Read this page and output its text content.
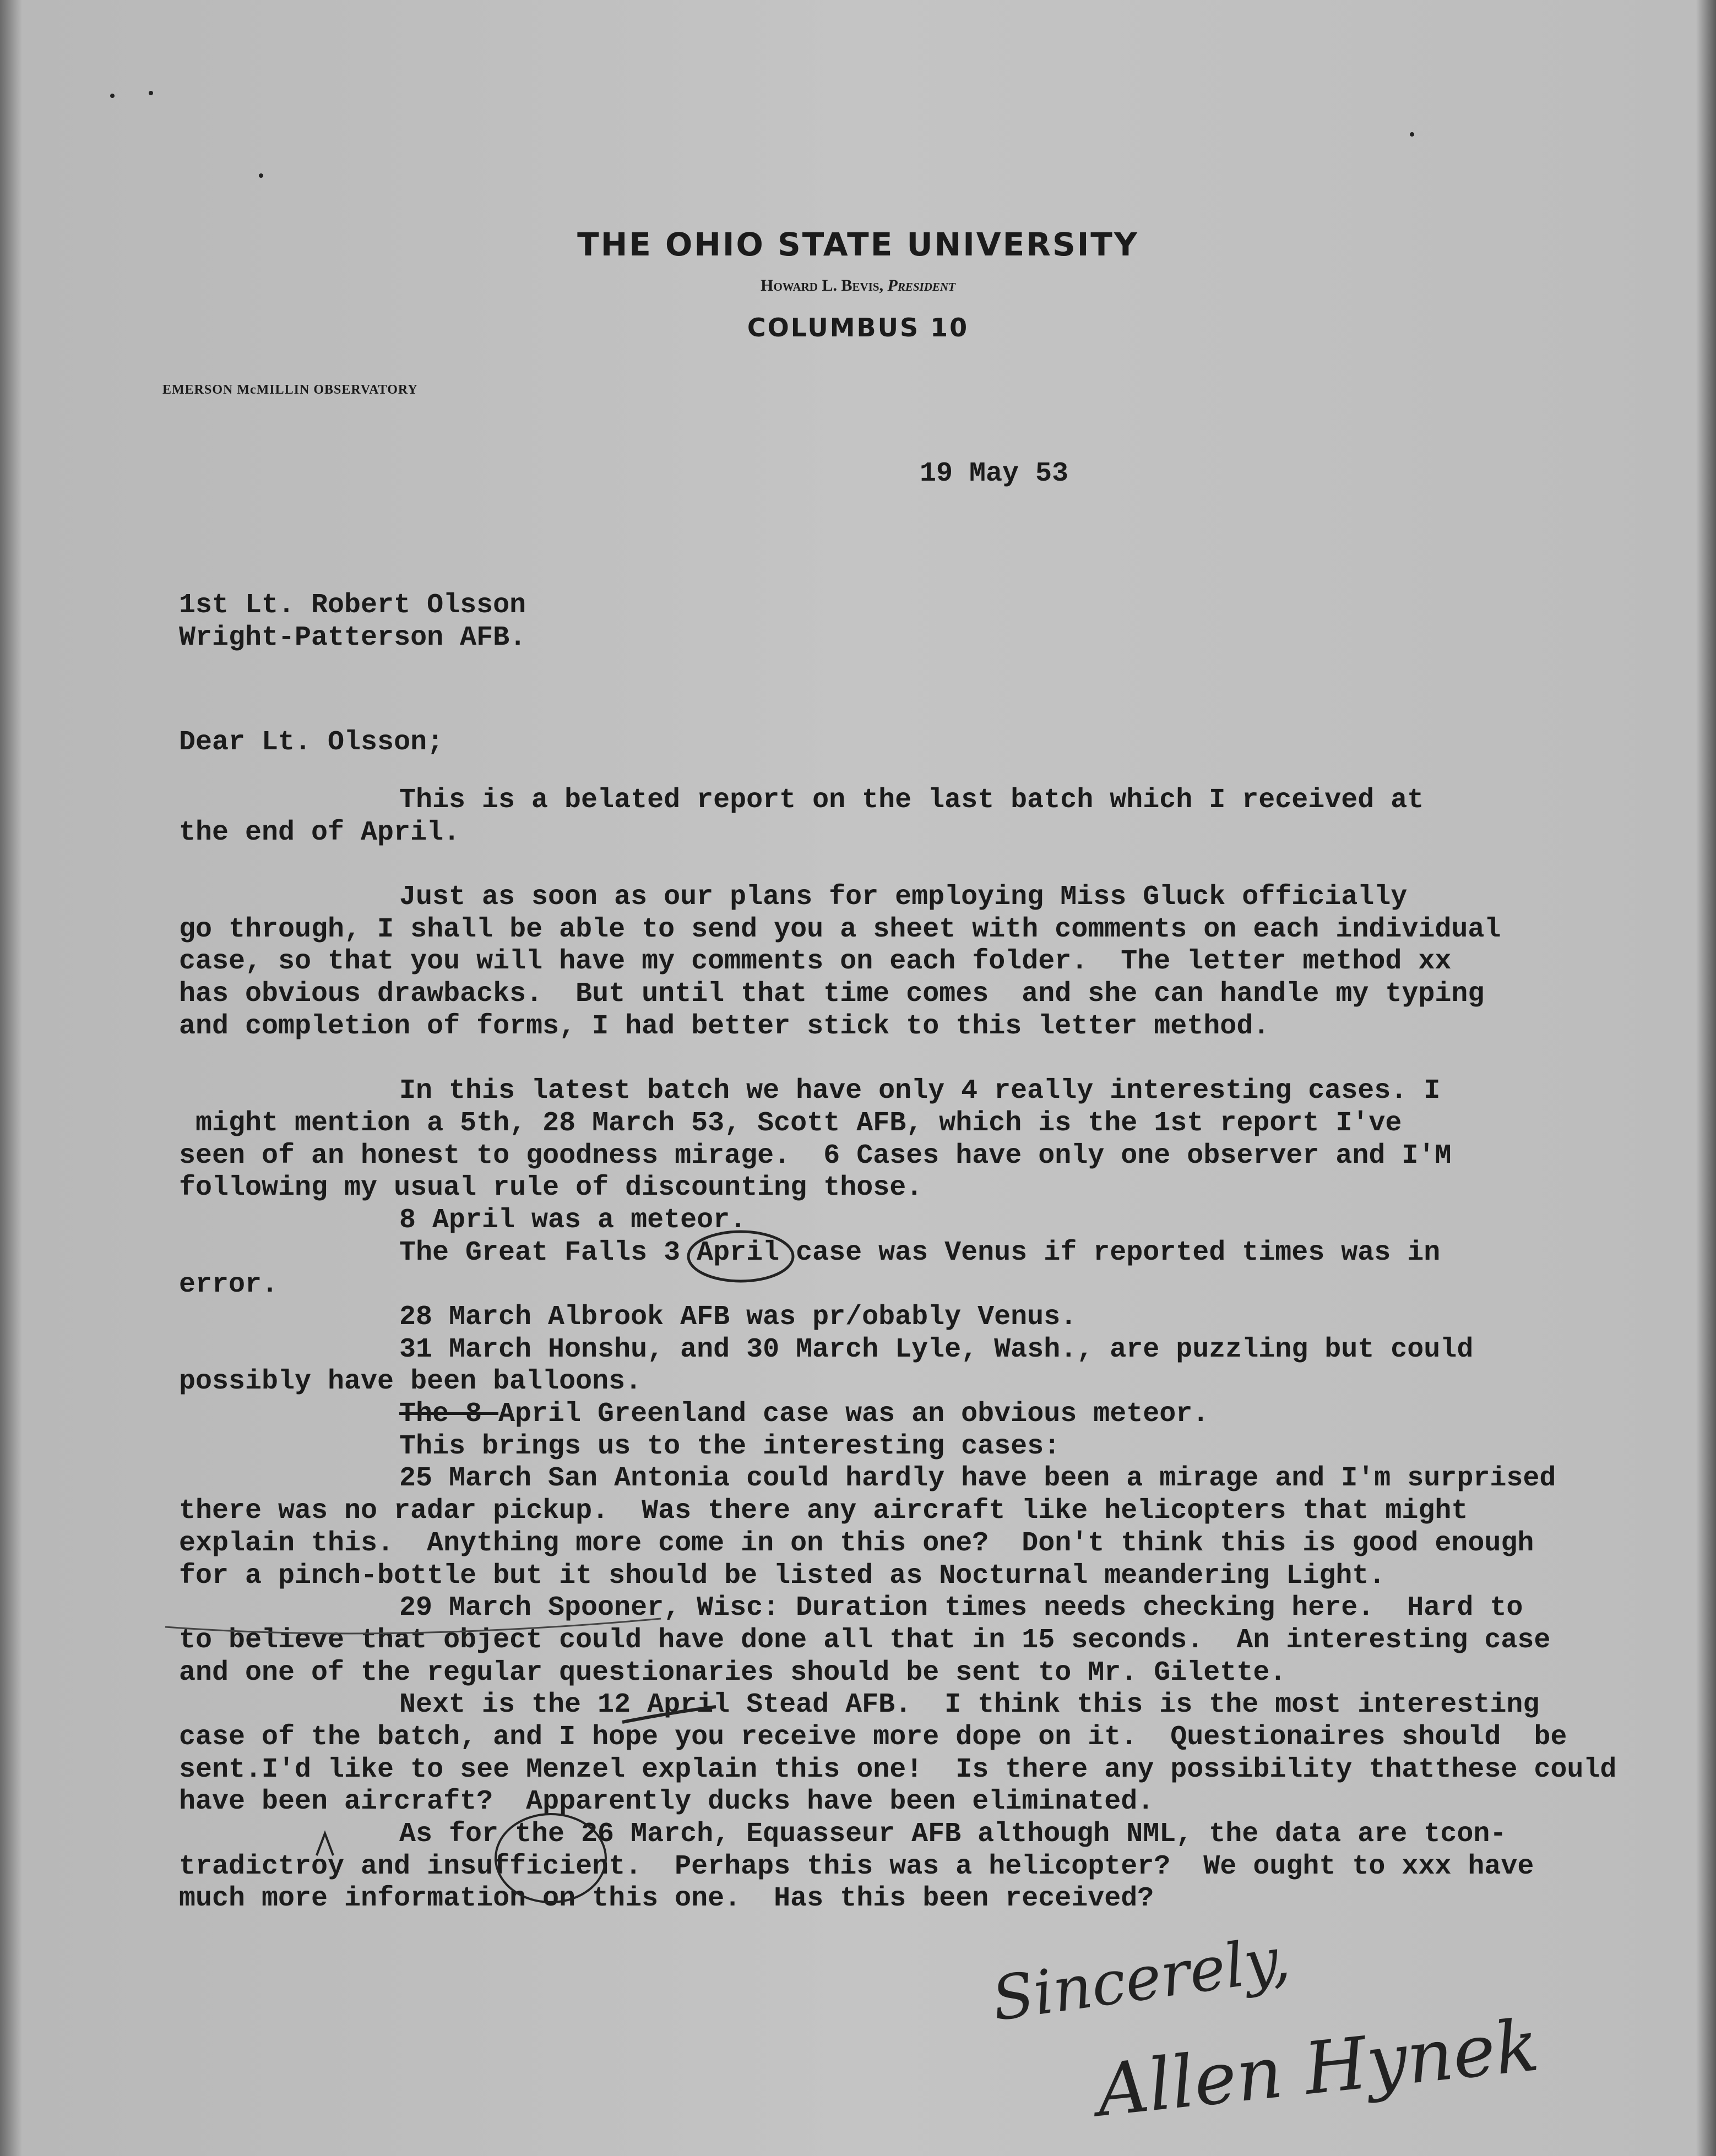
THE OHIO STATE UNIVERSITY
Howard L. Bevis, President
COLUMBUS 10
EMERSON McMILLIN OBSERVATORY
19 May 53
1st Lt. Robert Olsson
Wright-Patterson AFB.
Dear Lt. Olsson;
This is a belated report on the last batch which I received at
the end of April.
Just as soon as our plans for employing Miss Gluck officially
go through, I shall be able to send you a sheet with comments on each individual
case, so that you will have my comments on each folder.  The letter method xx
has obvious drawbacks.  But until that time comes  and she can handle my typing
and completion of forms, I had better stick to this letter method.
In this latest batch we have only 4 really interesting cases. I
might mention a 5th, 28 March 53, Scott AFB, which is the 1st report I've
seen of an honest to goodness mirage.  6 Cases have only one observer and I'M
following my usual rule of discounting those.
8 April was a meteor.
The Great Falls 3 April case was Venus if reported times was in
error.
28 March Albrook AFB was pr/obably Venus.
31 March Honshu, and 30 March Lyle, Wash., are puzzling but could
possibly have been balloons.
The 8 April Greenland case was an obvious meteor.
This brings us to the interesting cases:
25 March San Antonia could hardly have been a mirage and I'm surprised
there was no radar pickup.  Was there any aircraft like helicopters that might
explain this.  Anything more come in on this one?  Don't think this is good enough
for a pinch-bottle but it should be listed as Nocturnal meandering Light.
29 March Spooner, Wisc: Duration times needs checking here.  Hard to
to believe that object could have done all that in 15 seconds.  An interesting case
and one of the regular questionaries should be sent to Mr. Gilette.
Next is the 12 April Stead AFB.  I think this is the most interesting
case of the batch, and I hope you receive more dope on it.  Questionaires should  be
sent.I'd like to see Menzel explain this one!  Is there any possibility thatthese could
have been aircraft?  Apparently ducks have been eliminated.
As for the 26 March, Equasseur AFB although NML, the data are tcon-
tradictroy and insufficient.  Perhaps this was a helicopter?  We ought to xxx have
much more information on this one.  Has this been received?
Sincerely,
Allen Hynek
